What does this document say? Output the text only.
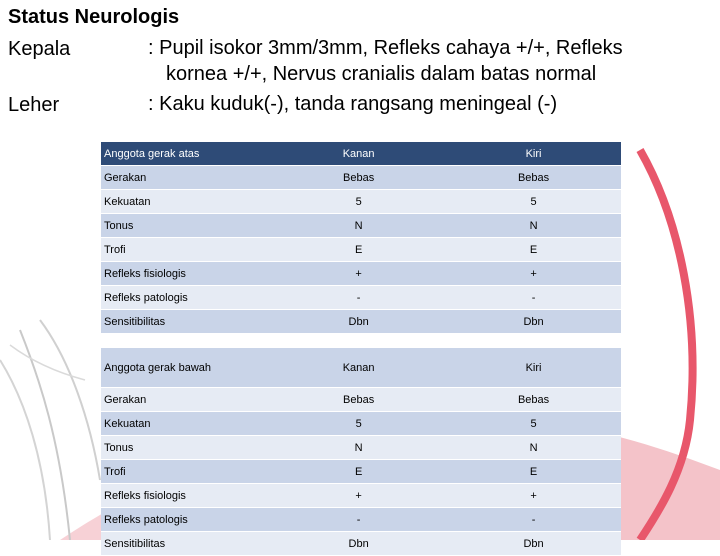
Status Neurologis
Kepala	: Pupil isokor 3mm/3mm, Refleks cahaya +/+, Refleks
kornea +/+, Nervus cranialis dalam batas normal
Leher	: Kaku kuduk(-), tanda rangsang meningeal (-)
Anggota gerak atas	Kanan	Kiri
Gerakan	Bebas	Bebas
Kekuatan	5	5
Tonus	N	N
Trofi	E	E
Refleks fisiologis	+	+
Refleks patologis	-	-
Sensitibilitas	Dbn	Dbn
Anggota gerak bawah	Kanan	Kiri
Gerakan	Bebas	Bebas
Kekuatan	5	5
Tonus	N	N
Trofi	E	E
Refleks fisiologis	+	+
Refleks patologis	-	-
Sensitibilitas	Dbn	Dbn
